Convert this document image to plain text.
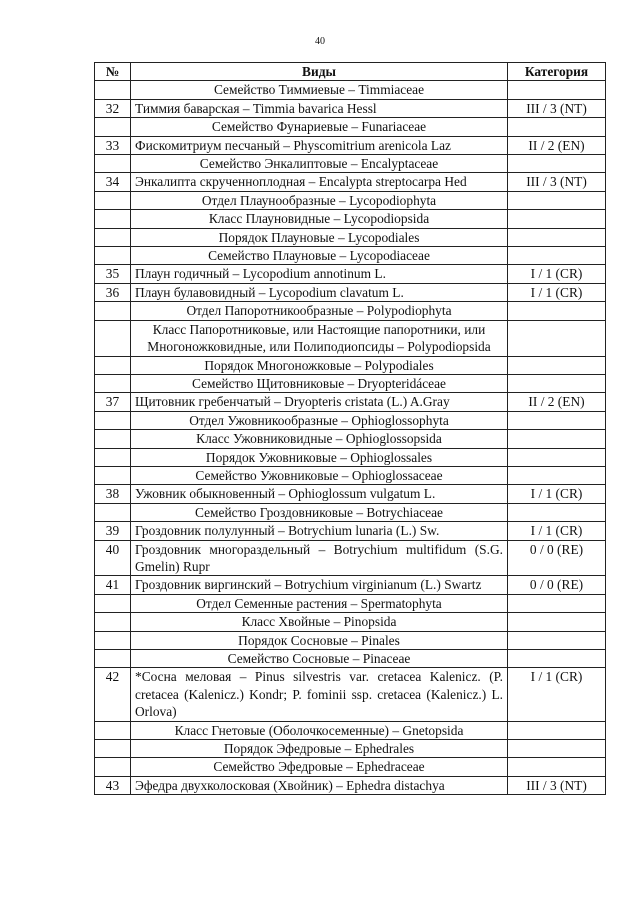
40
№	Виды	Категория
	Семейство Тиммиевые – Timmiaceae	
32	Тиммия баварская – Timmia bavarica Hessl	III / 3 (NT)
	Семейство Фунариевые – Funariaceae	
33	Фискомитриум песчаный – Physcomitrium arenicola Laz	II / 2 (EN)
	Семейство Энкалиптовые – Encalyptaceae	
34	Энкалипта скрученноплодная – Encalypta streptocarpa Hed	III / 3 (NT)
	Отдел Плаунообразные – Lycopodiophyta	
	Класс Плауновидные – Lycopodiopsida	
	Порядок Плауновые – Lycopodiales	
	Семейство Плауновые – Lycopodiaceae	
35	Плаун годичный – Lycopodium annotinum L.	I / 1 (CR)
36	Плаун булавовидный – Lycopodium clavatum L.	I / 1 (CR)
	Отдел Папоротникообразные – Polypodiophyta	
	Класс Папоротниковые, или Настоящие папоротники, или Многоножковидные, или Полиподиопсиды – Polypodiopsida	
	Порядок Многоножковые – Polypodiales	
	Семейство Щитовниковые – Dryopteridáceae	
37	Щитовник гребенчатый – Dryopteris cristata (L.) A.Gray	II / 2 (EN)
	Отдел Ужовникообразные – Ophioglossophyta	
	Класс Ужовниковидные – Ophioglossopsida	
	Порядок Ужовниковые – Ophioglossales	
	Семейство Ужовниковые – Ophioglossaceae	
38	Ужовник обыкновенный – Ophioglossum vulgatum L.	I / 1 (CR)
	Семейство Гроздовниковые – Botrychiaceae	
39	Гроздовник полулунный – Botrychium lunaria (L.) Sw.	I / 1 (CR)
40	Гроздовник многораздельный – Botrychium multifidum (S.G. Gmelin) Rupr	0 / 0 (RE)
41	Гроздовник виргинский – Botrychium virginianum (L.) Swartz	0 / 0 (RE)
	Отдел Семенные растения – Spermatophyta	
	Класс Хвойные – Pinopsida	
	Порядок Сосновые – Pinales	
	Семейство Сосновые – Pinaceae	
42	*Сосна меловая – Pinus silvestris var. cretacea Kalenicz. (P. cretacea (Kalenicz.) Kondr; P. fominii ssp. cretacea (Kalenicz.) L. Orlova)	I / 1 (CR)
	Класс Гнетовые (Оболочкосеменные) – Gnetopsida	
	Порядок Эфедровые – Ephedrales	
	Семейство Эфедровые – Ephedraceae	
43	Эфедра двухколосковая (Хвойник) – Ephedra distachya	III / 3 (NT)
